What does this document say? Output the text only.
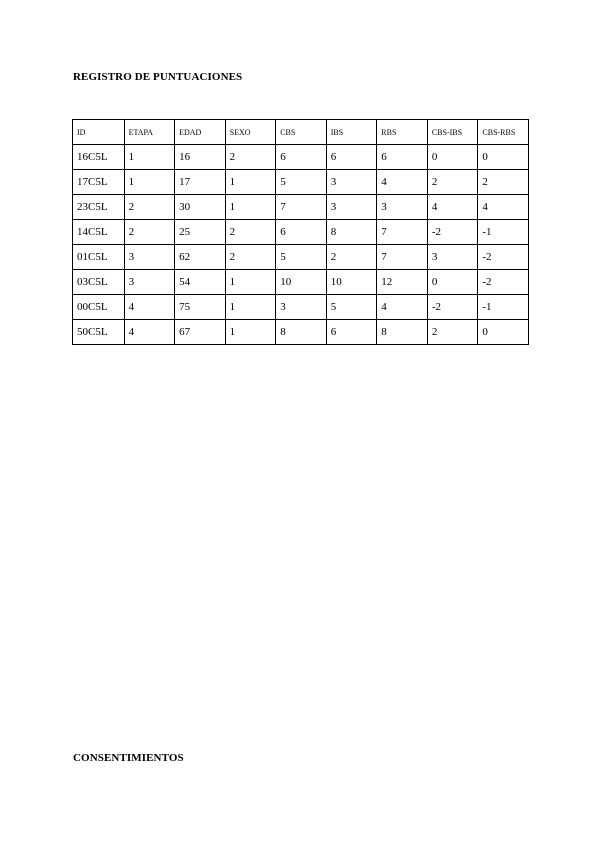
REGISTRO DE PUNTUACIONES
ID	ETAPA	EDAD	SEXO	CBS	IBS	RBS	CBS-IBS	CBS-RBS
16C5L	1	16	2	6	6	6	0	0
17C5L	1	17	1	5	3	4	2	2
23C5L	2	30	1	7	3	3	4	4
14C5L	2	25	2	6	8	7	-2	-1
01C5L	3	62	2	5	2	7	3	-2
03C5L	3	54	1	10	10	12	0	-2
00C5L	4	75	1	3	5	4	-2	-1
50C5L	4	67	1	8	6	8	2	0
CONSENTIMIENTOS
